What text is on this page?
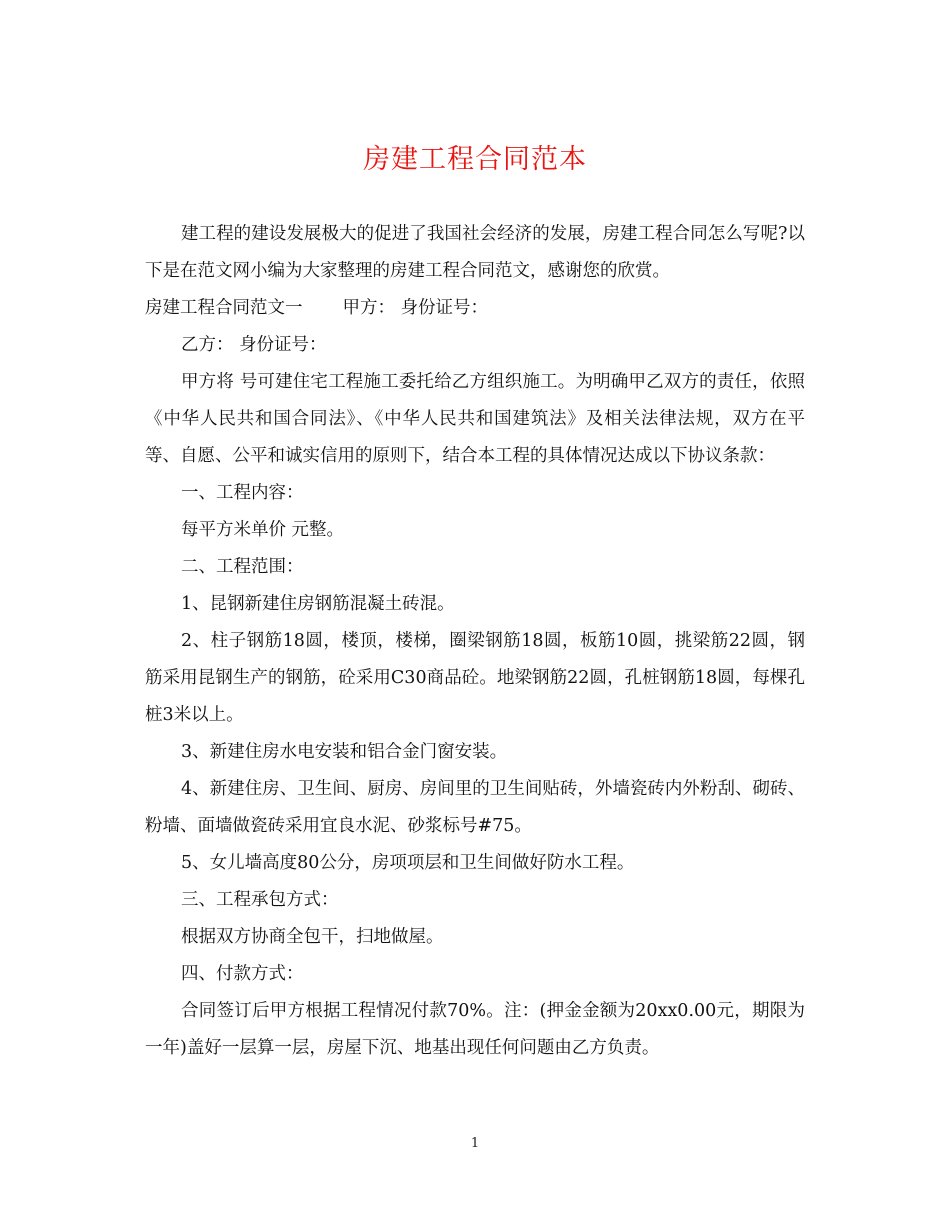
房建工程合同范本

建工程的建设发展极大的促进了我国社会经济的发展，房建工程合同怎么写呢?以下是在范文网小编为大家整理的房建工程合同范文，感谢您的欣赏。

房建工程合同范文一 甲方： 身份证号：

乙方： 身份证号：

甲方将 号可建住宅工程施工委托给乙方组织施工。为明确甲乙双方的责任，依照《中华人民共和国合同法》、《中华人民共和国建筑法》及相关法律法规，双方在平等、自愿、公平和诚实信用的原则下，结合本工程的具体情况达成以下协议条款：

一、工程内容：

每平方米单价 元整。

二、工程范围：

1、昆钢新建住房钢筋混凝土砖混。

2、柱子钢筋18圆，楼顶，楼梯，圈梁钢筋18圆，板筋10圆，挑梁筋22圆，钢筋采用昆钢生产的钢筋，砼采用C30商品砼。地梁钢筋22圆，孔桩钢筋18圆，每棵孔桩3米以上。

3、新建住房水电安装和铝合金门窗安装。

4、新建住房、卫生间、厨房、房间里的卫生间贴砖，外墙瓷砖内外粉刮、砌砖、粉墙、面墙做瓷砖采用宜良水泥、砂浆标号#75。

5、女儿墙高度80公分，房项项层和卫生间做好防水工程。

三、工程承包方式：

根据双方协商全包干，扫地做屋。

四、付款方式：

合同签订后甲方根据工程情况付款70%。注：(押金金额为20xx0.00元，期限为一年)盖好一层算一层，房屋下沉、地基出现任何问题由乙方负责。

1
